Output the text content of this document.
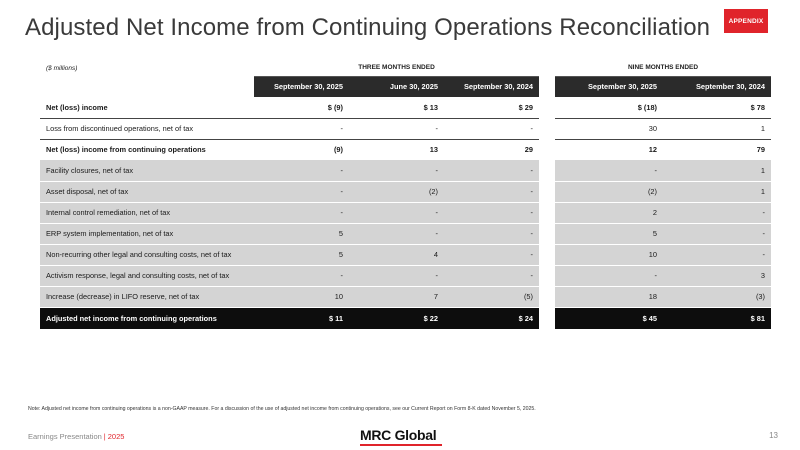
Adjusted Net Income from Continuing Operations Reconciliation	APPENDIX
($ millions)	THREE MONTHS ENDED				NINE MONTHS ENDED	
	September 30, 2025	June 30, 2025	September 30, 2024		September 30, 2025	September 30, 2024
Net (loss) income	$ (9)	$ 13	$ 29		$ (18)	$ 78
Loss from discontinued operations, net of tax	-	-	-		30	1
Net (loss) income from continuing operations	(9)	13	29		12	79
Facility closures, net of tax	-	-	-		-	1
Asset disposal, net of tax	-	(2)	-		(2)	1
Internal control remediation, net of tax	-	-	-		2	-
ERP system implementation, net of tax	5	-	-		5	-
Non-recurring other legal and consulting costs, net of tax	5	4	-		10	-
Activism response, legal and consulting costs, net of tax	-	-	-		-	3
Increase (decrease) in LIFO reserve, net of tax	10	7	(5)		18	(3)
Adjusted net income from continuing operations	$ 11	$ 22	$ 24		$ 45	$ 81
Note: Adjusted net income from continuing operations is a non-GAAP measure. For a discussion of the use of adjusted net income from continuing operations, see our Current Report on Form 8-K dated November 5, 2025.
Earnings Presentation | 2025	MRC Global	13
